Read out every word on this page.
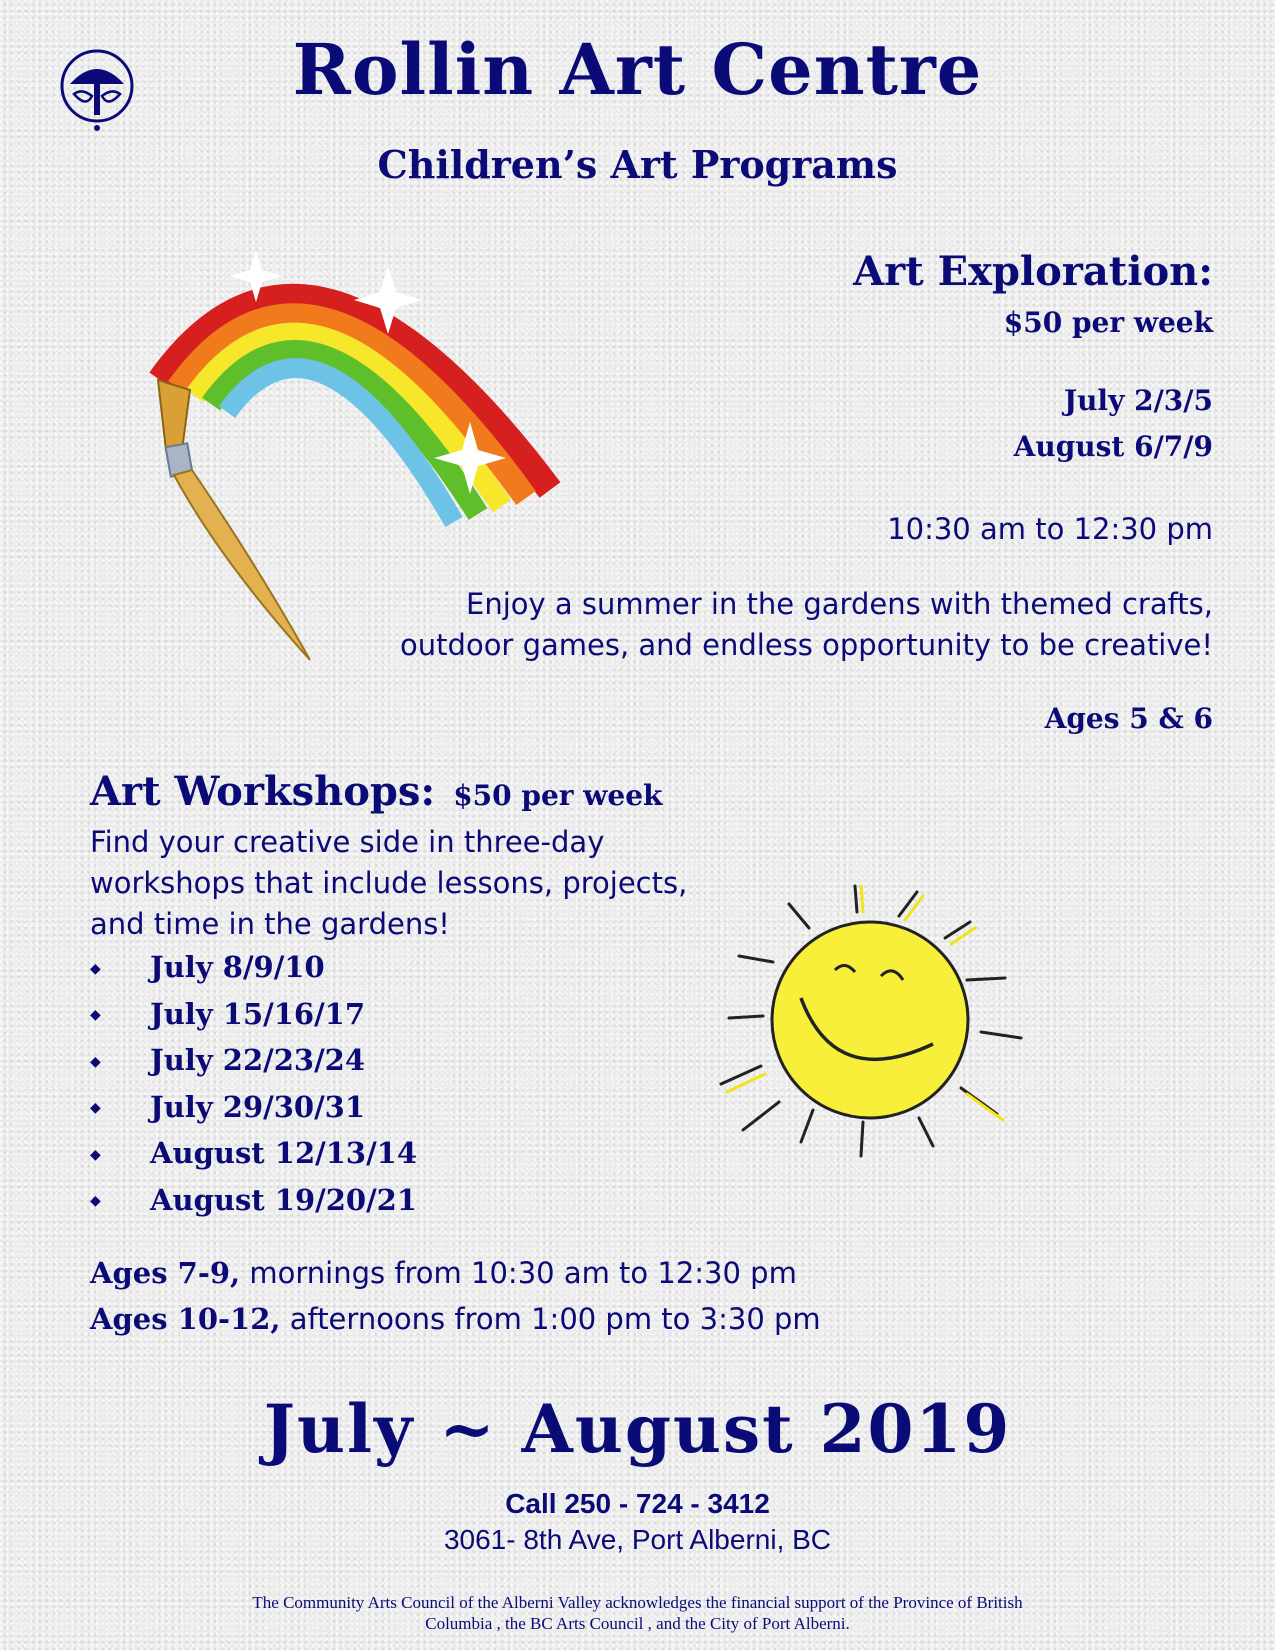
Rollin Art Centre
Children’s Art Programs
Art Exploration:
$50 per week
July 2/3/5
August 6/7/9
10:30 am to 12:30 pm
Enjoy a summer in the gardens with themed crafts,
outdoor games, and endless opportunity to be creative!
Ages 5 & 6
Art Workshops: $50 per week
Find your creative side in three-day
workshops that include lessons, projects,
and time in the gardens!
◆ July 8/9/10
◆ July 15/16/17
◆ July 22/23/24
◆ July 29/30/31
◆ August 12/13/14
◆ August 19/20/21
Ages 7-9, mornings from 10:30 am to 12:30 pm
Ages 10-12, afternoons from 1:00 pm to 3:30 pm
July ~ August 2019
Call 250 - 724 - 3412
3061- 8th Ave, Port Alberni, BC
The Community Arts Council of the Alberni Valley acknowledges the financial support of the Province of British
Columbia , the BC Arts Council , and the City of Port Alberni.
